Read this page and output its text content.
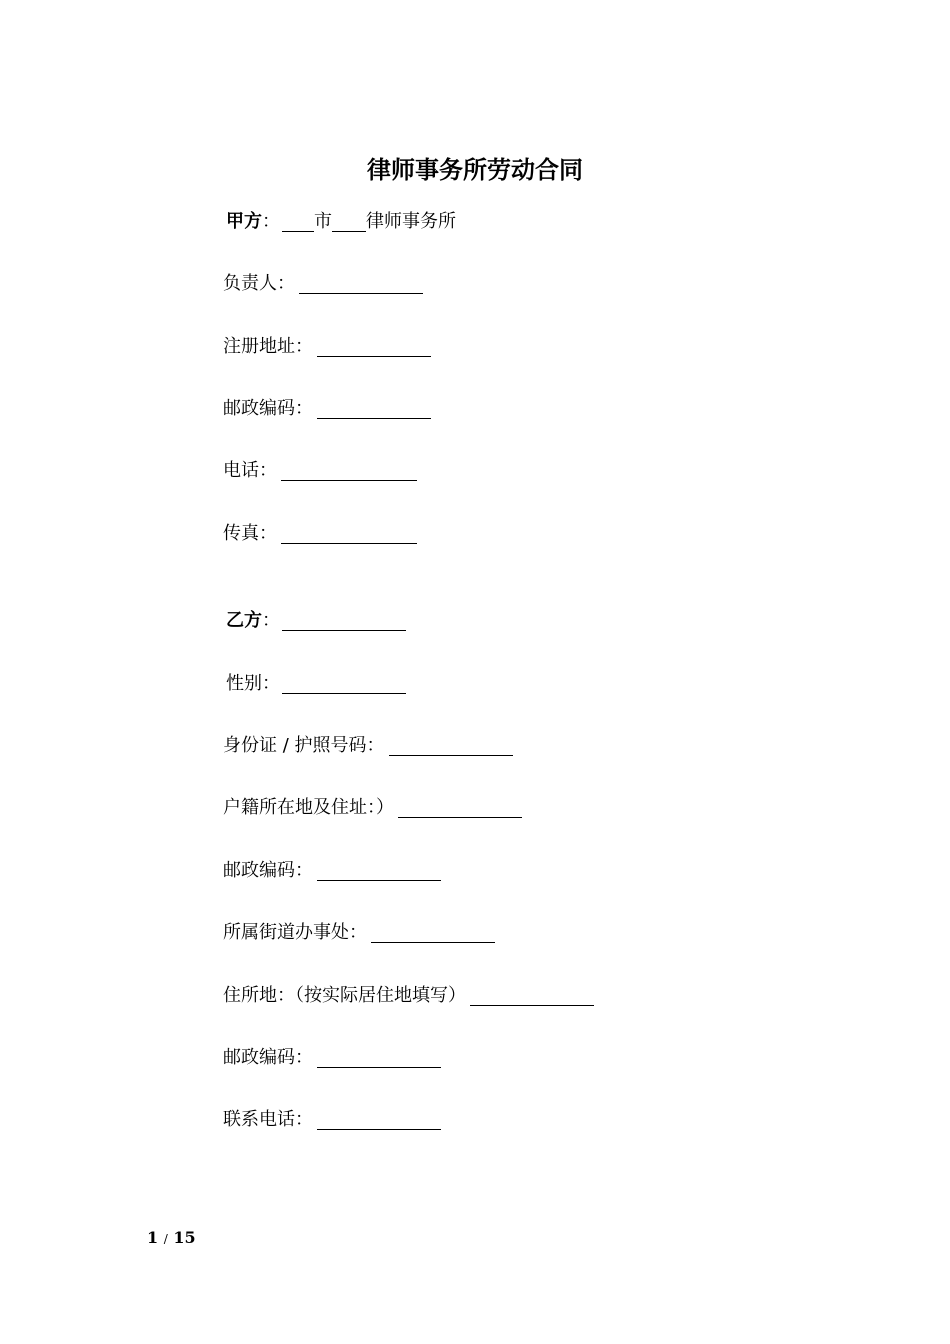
律师事务所劳动合同
甲方 ： 市 律师事务所
负责人：
注册地址：
邮政编码：
电话：
传真：
乙方 ：
性别：
身份证 / 护照号码：
户籍所在地及住址：）
邮政编码：
所属街道办事处：
住所地：（按实际居住地填写）
邮政编码：
联系电话：
1 / 15
